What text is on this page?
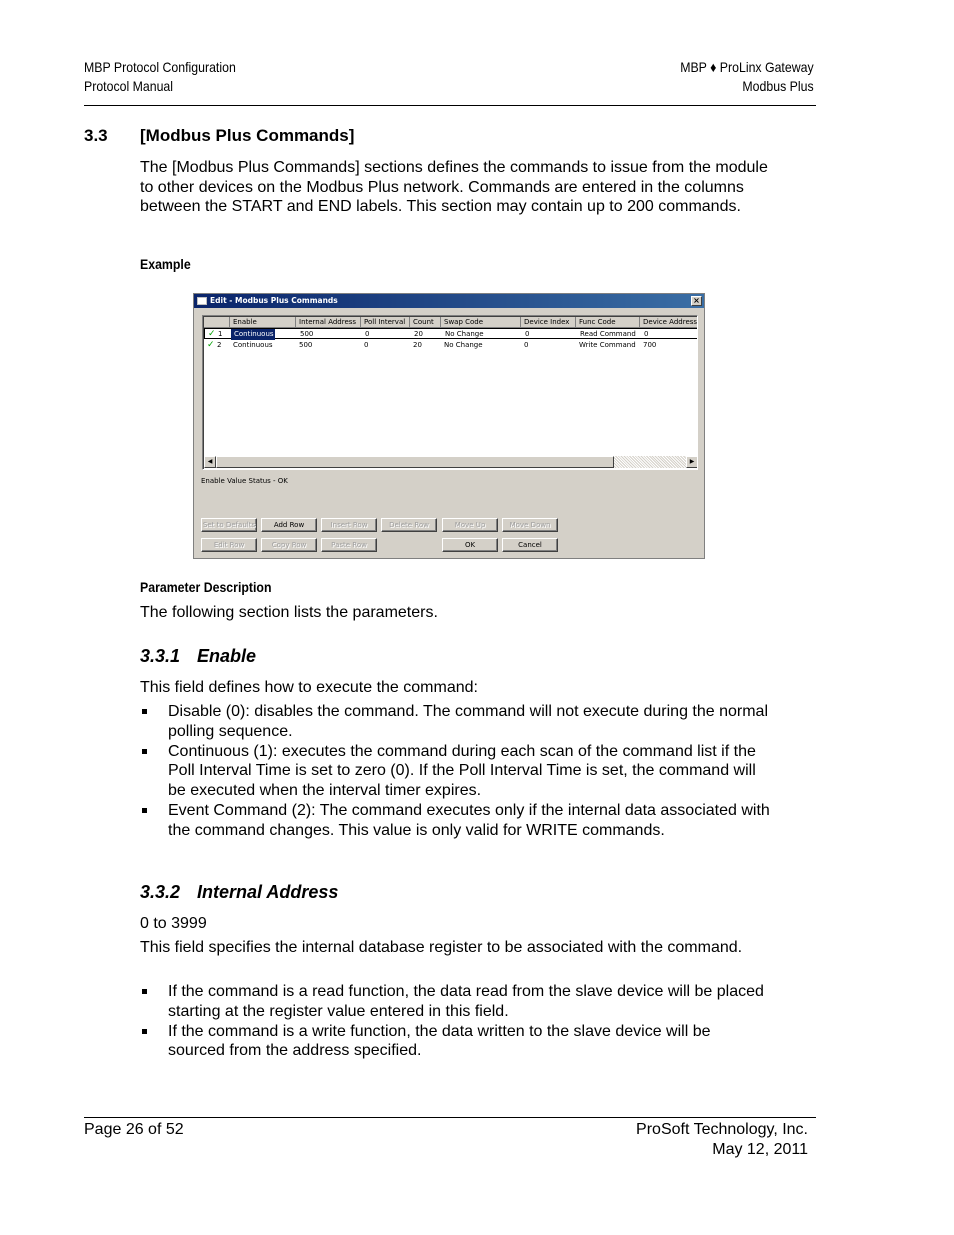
MBP Protocol Configuration
Protocol Manual
MBP ♦ ProLinx Gateway
Modbus Plus
3.3 [Modbus Plus Commands]
The [Modbus Plus Commands] sections defines the commands to issue from the module to other devices on the Modbus Plus network. Commands are entered in the columns between the START and END labels. This section may contain up to 200 commands.
Example
Edit - Modbus Plus Commands	×
Enable	Internal Address	Poll Interval	Count	Swap Code	Device Index	Func Code	Device Address
✓ 1	Continuous	500	0	20	No Change	0	Read Command	0
✓ 2	Continuous	500	0	20	No Change	0	Write Command	700
◀	▶
Enable Value Status - OK
Set to Defaults	Add Row	Insert Row	Delete Row	Move Up	Move Down
Edit Row	Copy Row	Paste Row	OK	Cancel
Parameter Description
The following section lists the parameters.
3.3.1 Enable
This field defines how to execute the command:
Disable (0): disables the command. The command will not execute during the normal polling sequence.
Continuous (1): executes the command during each scan of the command list if the Poll Interval Time is set to zero (0). If the Poll Interval Time is set, the command will be executed when the interval timer expires.
Event Command (2): The command executes only if the internal data associated with the command changes. This value is only valid for WRITE commands.
3.3.2 Internal Address
0 to 3999
This field specifies the internal database register to be associated with the command.
If the command is a read function, the data read from the slave device will be placed starting at the register value entered in this field.
If the command is a write function, the data written to the slave device will be sourced from the address specified.
Page 26 of 52	ProSoft Technology, Inc.
May 12, 2011
